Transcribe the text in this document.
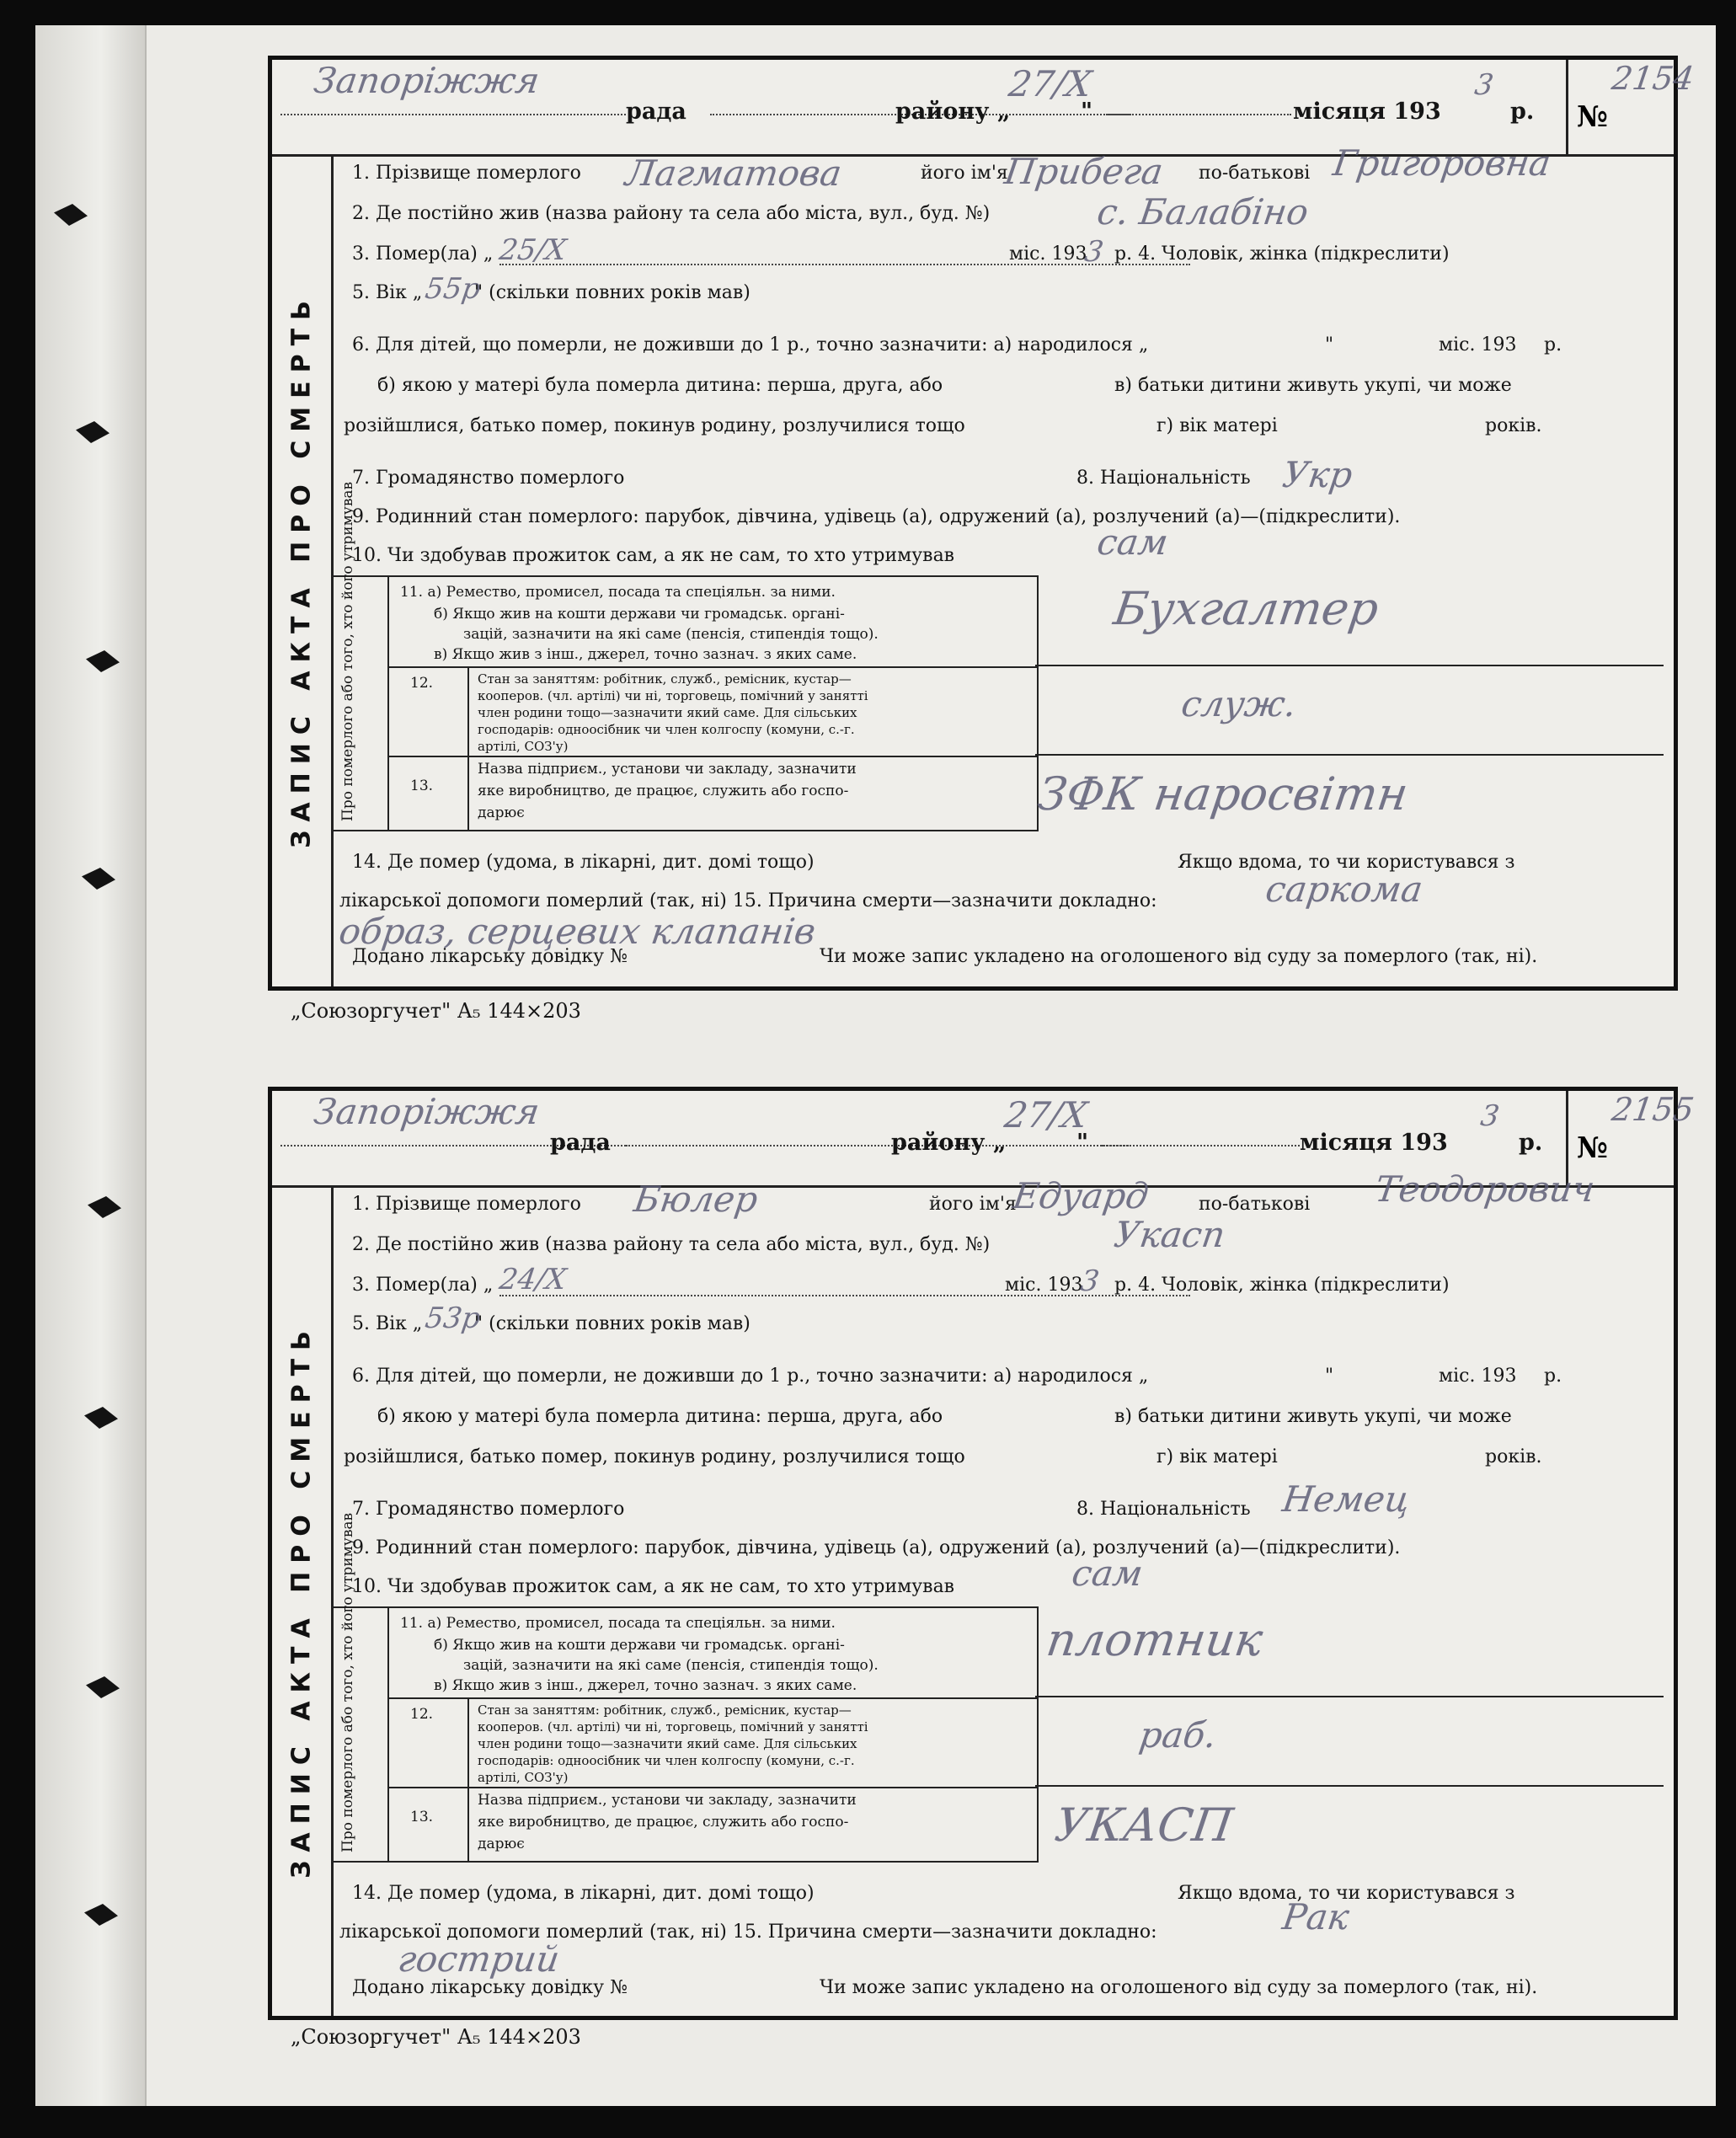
Запоріжжя
рада	району „
27/X
"	місяця 193
3
р. №
2154
ЗАПИС АКТА ПРО СМЕРТЬ
1. Прізвище померлого Лагматова	його ім'я
Прибега по-батькові Григоровна
2. Де постійно жив (назва району та села або міста, вул., буд. №)	с. Балабіно
3. Помер(ла) „ 25/X	міс. 193
3 р. 4. Чоловік, жінка (підкреслити)
5. Вік „ 55р
" (скільки повних років мав)
6. Для дітей, що померли, не доживши до 1 р., точно зазначити: а) народилося „	"	міс. 193 р.
б) якою у матері була померла дитина: перша, друга, або	в) батьки дитини живуть укупі, чи може
розійшлися, батько помер, покинув родину, розлучилися тощо	г) вік матері	років.
7. Громадянство померлого	8. Національність Укр
9. Родинний стан померлого: парубок, дівчина, удівець (а), одружений (а), розлучений (а)—(підкреслити).
10. Чи здобував прожиток сам, а як не сам, то хто утримував	сам
Про померлого або того, хто його утримував	11. а) Ремество, промисел, посада та спеціяльн. за ними.
б) Якщо жив на кошти держави чи громадськ. органі-
зацій, зазначити на які саме (пенсія, стипендія тощо).
в) Якщо жив з інш., джерел, точно зазнач. з яких саме.
12.	Стан за заняттям: робітник, служб., ремісник, кустар—
кооперов. (чл. артілі) чи ні, торговець, помічний у занятті
член родини тощо—зазначити який саме. Для сільських
господарів: одноосібник чи член колгоспу (комуни, с.-г.
артілі, СОЗ'у)
13.
Назва підприєм., установи чи закладу, зазначити
яке виробництво, де працює, служить або госпо-
дарює
Бухгалтер
служ.
ЗФК наросвітн
14. Де помер (удома, в лікарні, дит. домі тощо)	Якщо вдома, то чи користувався з
лікарської допомоги померлий (так, ні) 15. Причина смерти—зазначити докладно:	саркома
образ, серцевих клапанів
Додано лікарську довідку №	Чи може запис укладено на оголошеного від суду за померлого (так, ні).
„Союзоргучет" А₅ 144×203
Запоріжжя
рада	району „
27/X
"	місяця 193
3
р. №
2155
ЗАПИС АКТА ПРО СМЕРТЬ
1. Прізвище померлого Бюлер	його ім'я
Едуард	по-батькові Теодорович
2. Де постійно жив (назва району та села або міста, вул., буд. №)	Укасп
3. Помер(ла) „ 24/X	міс. 193
3 р. 4. Чоловік, жінка (підкреслити)
5. Вік „ 53р
" (скільки повних років мав)
6. Для дітей, що померли, не доживши до 1 р., точно зазначити: а) народилося „	"	міс. 193 р.
б) якою у матері була померла дитина: перша, друга, або	в) батьки дитини живуть укупі, чи може
розійшлися, батько помер, покинув родину, розлучилися тощо	г) вік матері	років.
7. Громадянство померлого	8. Національність Немец
9. Родинний стан померлого: парубок, дівчина, удівець (а), одружений (а), розлучений (а)—(підкреслити).
10. Чи здобував прожиток сам, а як не сам, то хто утримував	сам
Про померлого або того, хто його утримував	11. а) Ремество, промисел, посада та спеціяльн. за ними.
б) Якщо жив на кошти держави чи громадськ. органі-
зацій, зазначити на які саме (пенсія, стипендія тощо).
в) Якщо жив з інш., джерел, точно зазнач. з яких саме.
12.	Стан за заняттям: робітник, служб., ремісник, кустар—
кооперов. (чл. артілі) чи ні, торговець, помічний у занятті
член родини тощо—зазначити який саме. Для сільських
господарів: одноосібник чи член колгоспу (комуни, с.-г.
артілі, СОЗ'у)
13.
Назва підприєм., установи чи закладу, зазначити
яке виробництво, де працює, служить або госпо-
дарює
плотник
раб.
УКАСП
14. Де помер (удома, в лікарні, дит. домі тощо)	Якщо вдома, то чи користувався з
лікарської допомоги померлий (так, ні) 15. Причина смерти—зазначити докладно:	Рак
гострий
Додано лікарську довідку №	Чи може запис укладено на оголошеного від суду за померлого (так, ні).
„Союзоргучет" А₅ 144×203
